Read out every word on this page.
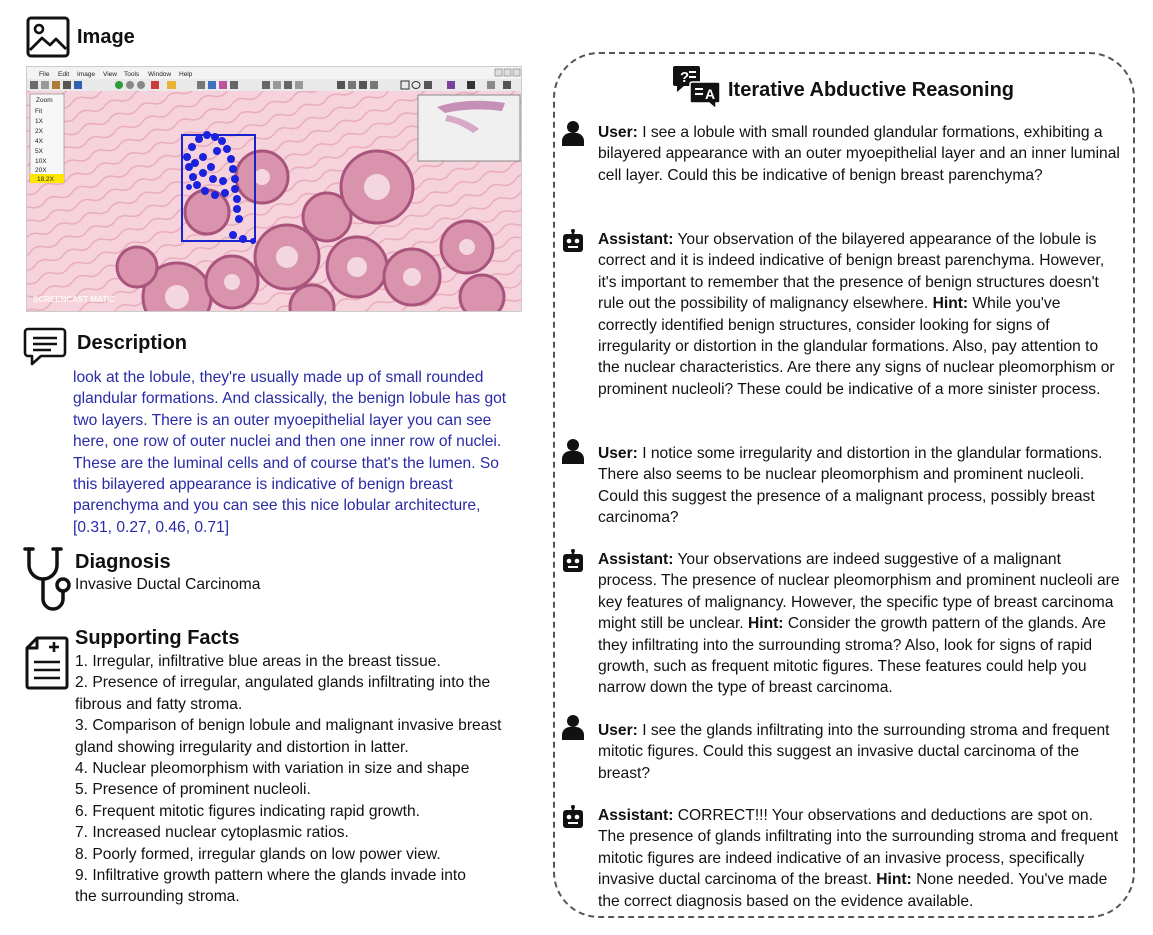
Image
File Edit Image View Tools Window Help
Zoom
Fit
1X
2X
4X
5X
10X
20X
18.2X
SCREENCAST MATIC
Description
look at the lobule, they're usually made up of small rounded glandular formations. And classically, the benign lobule has got two layers. There is an outer myoepithelial layer you can see here, one row of outer nuclei and then one inner row of nuclei. These are the luminal cells and of course that's the lumen. So this bilayered appearance is indicative of benign breast parenchyma and you can see this nice lobular architecture, [0.31, 0.27, 0.46, 0.71]
Diagnosis
Invasive Ductal Carcinoma
Supporting Facts
1. Irregular, infiltrative blue areas in the breast tissue.
2. Presence of irregular, angulated glands infiltrating into the fibrous and fatty stroma.
3. Comparison of benign lobule and malignant invasive breast gland showing irregularity and distortion in latter.
4. Nuclear pleomorphism with variation in size and shape
5. Presence of prominent nucleoli.
6. Frequent mitotic figures indicating rapid growth.
7. Increased nuclear cytoplasmic ratios.
8. Poorly formed, irregular glands on low power view.
9. Infiltrative growth pattern where the glands invade into the surrounding stroma.
?
A Iterative Abductive Reasoning
User: I see a lobule with small rounded glandular formations, exhibiting a bilayered appearance with an outer myoepithelial layer and an inner luminal cell layer. Could this be indicative of benign breast parenchyma?
Assistant: Your observation of the bilayered appearance of the lobule is correct and it is indeed indicative of benign breast parenchyma. However, it's important to remember that the presence of benign structures doesn't rule out the possibility of malignancy elsewhere. Hint: While you've correctly identified benign structures, consider looking for signs of irregularity or distortion in the glandular formations. Also, pay attention to the nuclear characteristics. Are there any signs of nuclear pleomorphism or prominent nucleoli? These could be indicative of a more sinister process.
User: I notice some irregularity and distortion in the glandular formations. There also seems to be nuclear pleomorphism and prominent nucleoli. Could this suggest the presence of a malignant process, possibly breast carcinoma?
Assistant: Your observations are indeed suggestive of a malignant process. The presence of nuclear pleomorphism and prominent nucleoli are key features of malignancy. However, the specific type of breast carcinoma might still be unclear. Hint: Consider the growth pattern of the glands. Are they infiltrating into the surrounding stroma? Also, look for signs of rapid growth, such as frequent mitotic figures. These features could help you narrow down the type of breast carcinoma.
User: I see the glands infiltrating into the surrounding stroma and frequent mitotic figures. Could this suggest an invasive ductal carcinoma of the breast?
Assistant: CORRECT!!! Your observations and deductions are spot on. The presence of glands infiltrating into the surrounding stroma and frequent mitotic figures are indeed indicative of an invasive process, specifically invasive ductal carcinoma of the breast. Hint: None needed. You've made the correct diagnosis based on the evidence available.
